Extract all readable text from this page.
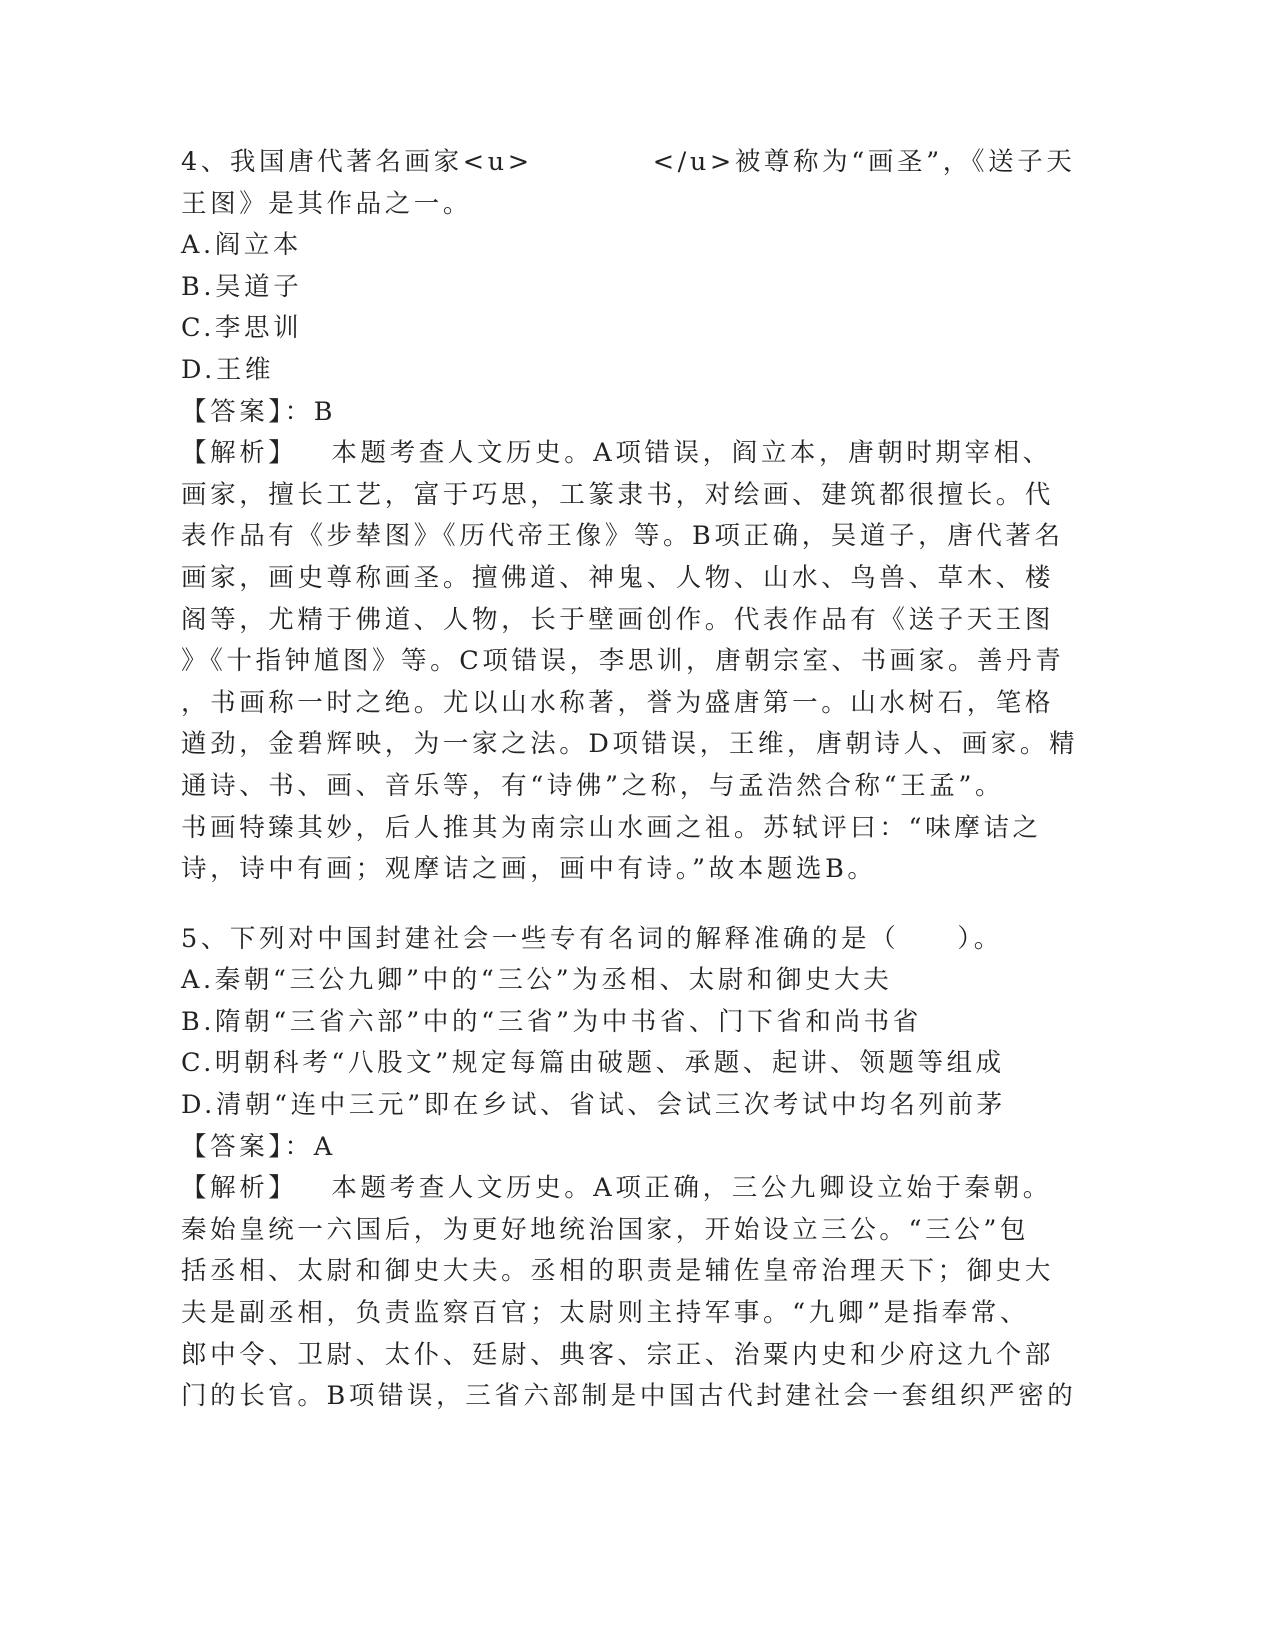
4、我国唐代著名画家<u>	</u>被尊称为“画圣”，《送子天
王图》是其作品之一。
A.阎立本
B.吴道子
C.李思训
D.王维
【答案】：B
【解析】 本题考查人文历史。A项错误，阎立本，唐朝时期宰相、
画家，擅长工艺，富于巧思，工篆隶书，对绘画、建筑都很擅长。代
表作品有《步辇图》《历代帝王像》等。B项正确，吴道子，唐代著名
画家，画史尊称画圣。擅佛道、神鬼、人物、山水、鸟兽、草木、楼
阁等，尤精于佛道、人物，长于壁画创作。代表作品有《送子天王图
》《十指钟馗图》等。C项错误，李思训，唐朝宗室、书画家。善丹青
，书画称一时之绝。尤以山水称著，誉为盛唐第一。山水树石，笔格
遒劲，金碧辉映，为一家之法。D项错误，王维，唐朝诗人、画家。精
通诗、书、画、音乐等，有“诗佛”之称，与孟浩然合称“王孟”。
书画特臻其妙，后人推其为南宗山水画之祖。苏轼评曰：“味摩诘之
诗，诗中有画；观摩诘之画，画中有诗。”故本题选B。
5、下列对中国封建社会一些专有名词的解释准确的是（　　）。
A.秦朝“三公九卿”中的“三公”为丞相、太尉和御史大夫
B.隋朝“三省六部”中的“三省”为中书省、门下省和尚书省
C.明朝科考“八股文”规定每篇由破题、承题、起讲、领题等组成
D.清朝“连中三元”即在乡试、省试、会试三次考试中均名列前茅
【答案】：A
【解析】 本题考查人文历史。A项正确，三公九卿设立始于秦朝。
秦始皇统一六国后，为更好地统治国家，开始设立三公。“三公”包
括丞相、太尉和御史大夫。丞相的职责是辅佐皇帝治理天下；御史大
夫是副丞相，负责监察百官；太尉则主持军事。“九卿”是指奉常、
郎中令、卫尉、太仆、廷尉、典客、宗正、治粟内史和少府这九个部
门的长官。B项错误，三省六部制是中国古代封建社会一套组织严密的
